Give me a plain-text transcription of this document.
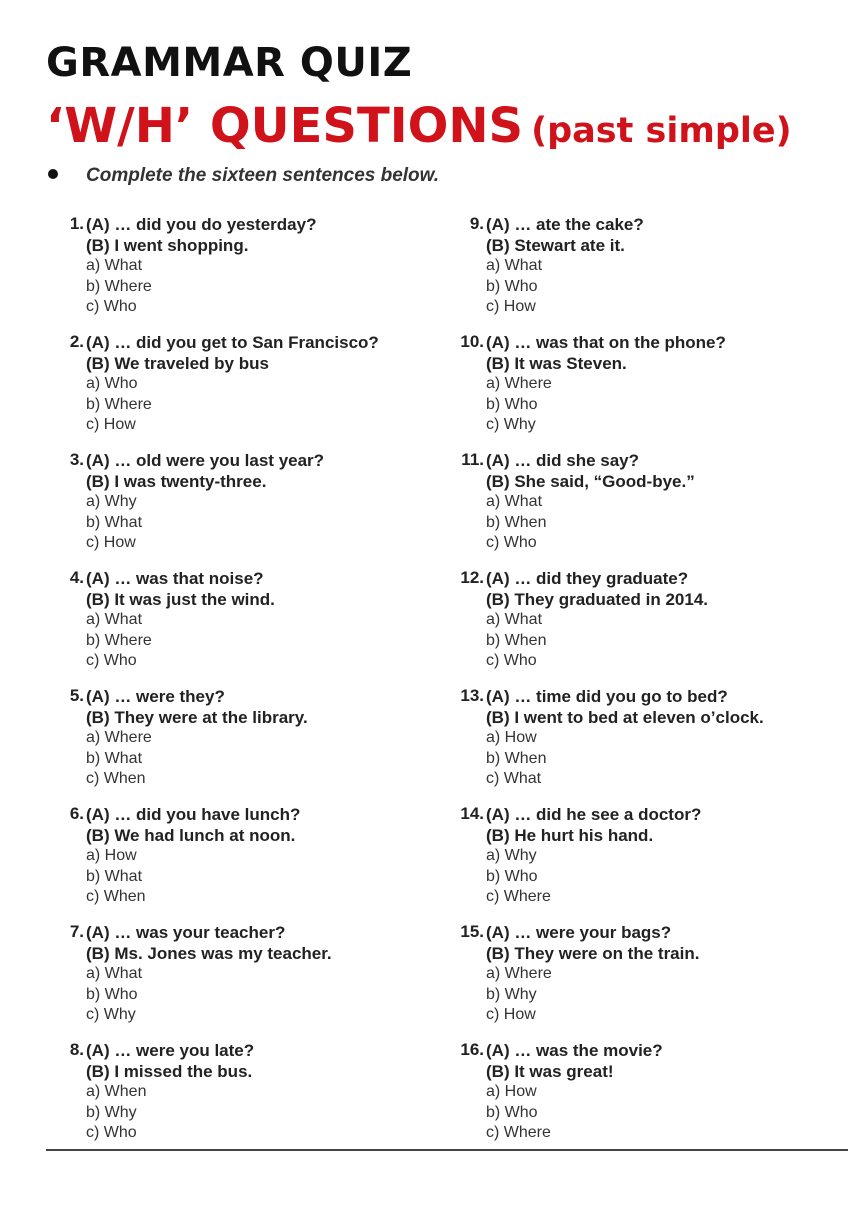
GRAMMAR QUIZ
‘W/H’ QUESTIONS (past simple)
Complete the sixteen sentences below.
1. (A) … did you do yesterday?
(B) I went shopping.
a) What
b) Where
c) Who
2. (A) … did you get to San Francisco?
(B) We traveled by bus
a) Who
b) Where
c) How
3. (A) … old were you last year?
(B) I was twenty-three.
a) Why
b) What
c) How
4. (A) … was that noise?
(B) It was just the wind.
a) What
b) Where
c) Who
5. (A) … were they?
(B) They were at the library.
a) Where
b) What
c) When
6. (A) … did you have lunch?
(B) We had lunch at noon.
a) How
b) What
c) When
7. (A) … was your teacher?
(B) Ms. Jones was my teacher.
a) What
b) Who
c) Why
8. (A) … were you late?
(B) I missed the bus.
a) When
b) Why
c) Who
9. (A) … ate the cake?
(B) Stewart ate it.
a) What
b) Who
c) How
10. (A) … was that on the phone?
(B) It was Steven.
a) Where
b) Who
c) Why
11. (A) … did she say?
(B) She said, “Good-bye.”
a) What
b) When
c) Who
12. (A) … did they graduate?
(B) They graduated in 2014.
a) What
b) When
c) Who
13. (A) … time did you go to bed?
(B) I went to bed at eleven o’clock.
a) How
b) When
c) What
14. (A) … did he see a doctor?
(B) He hurt his hand.
a) Why
b) Who
c) Where
15. (A) … were your bags?
(B) They were on the train.
a) Where
b) Why
c) How
16. (A) … was the movie?
(B) It was great!
a) How
b) Who
c) Where
